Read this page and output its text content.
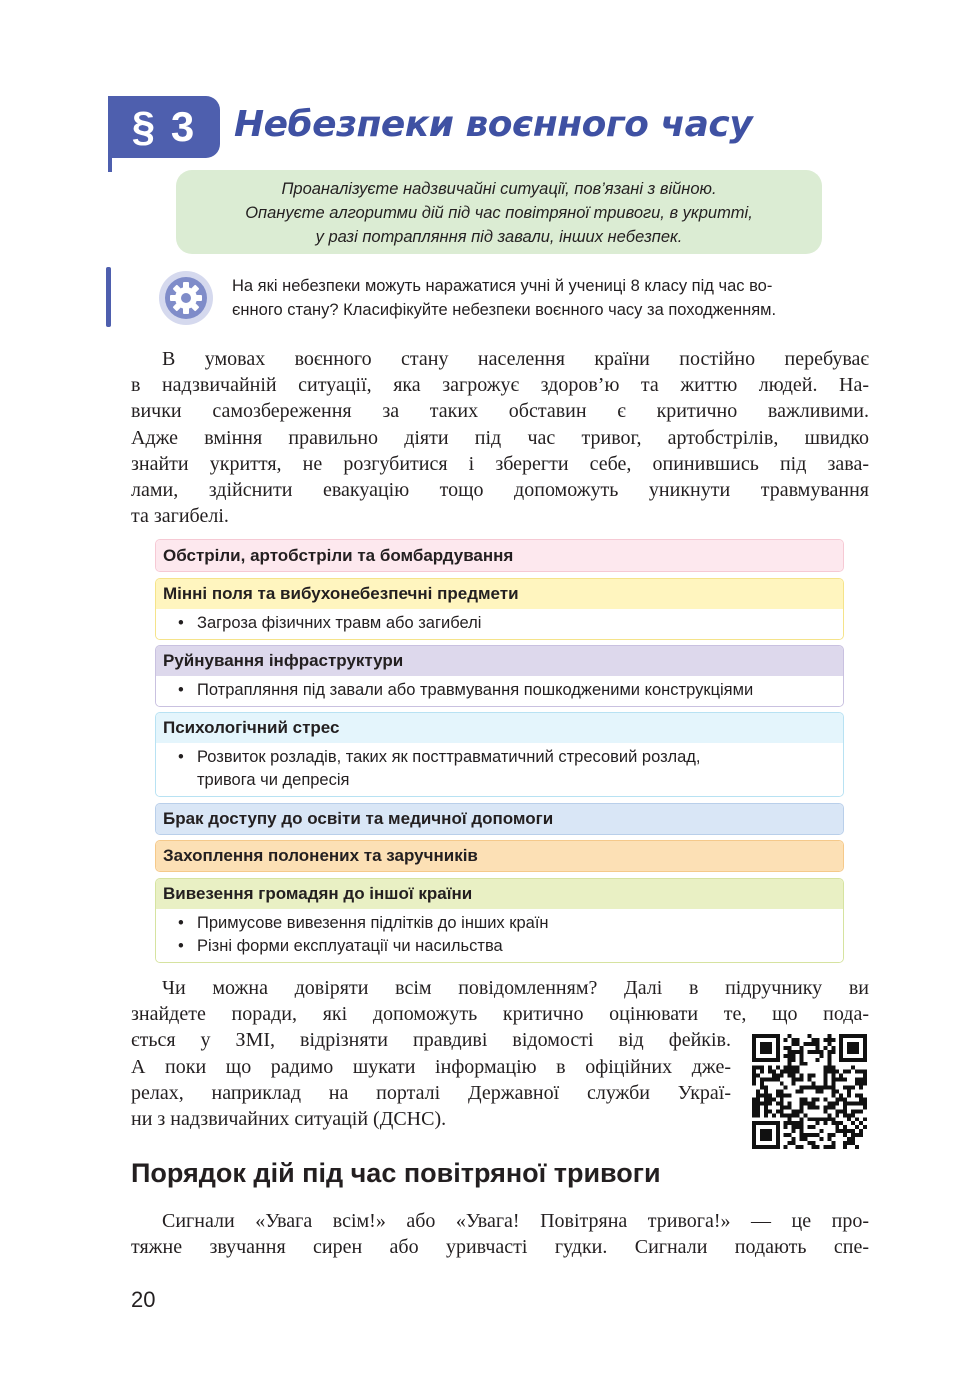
§ 3	Небезпеки воєнного часу
Проаналізуєте надзвичайні ситуації, пов’язані з війною.
Опануєте алгоритми дій під час повітряної тривоги, в укритті,
у разі потрапляння під завали, інших небезпек.
На які небезпеки можуть наражатися учні й учениці 8 класу під час во-
єнного стану? Класифікуйте небезпеки воєнного часу за походженням.
В умовах воєнного стану населення країни постійно перебуває
в надзвичайній ситуації, яка загрожує здоров’ю та життю людей. На-
вички самозбереження за таких обставин є критично важливими.
Адже вміння правильно діяти під час тривог, артобстрілів, швидко
знайти укриття, не розгубитися і зберегти себе, опинившись під зава-
лами, здійснити евакуацію тощо допоможуть уникнути травмування
та загибелі.
Обстріли, артобстріли та бомбардування
Мінні поля та вибухонебезпечні предмети
• Загроза фізичних травм або загибелі
Руйнування інфраструктури
• Потрапляння під завали або травмування пошкодженими конструкціями
Психологічний стрес
• Розвиток розладів, таких як посттравматичний стресовий розлад,
тривога чи депресія
Брак доступу до освіти та медичної допомоги
Захоплення полонених та заручників
Вивезення громадян до іншої країни
• Примусове вивезення підлітків до інших країн
• Різні форми експлуатації чи насильства
Чи можна довіряти всім повідомленням? Далі в підручнику ви
знайдете поради, які допоможуть критично оцінювати те, що пода-
ється у ЗМІ, відрізняти правдиві відомості від фейків.
А поки що радимо шукати інформацію в офіційних дже-
релах, наприклад на порталі Державної служби Украї-
ни з надзвичайних ситуацій (ДСНС).
Порядок дій під час повітряної тривоги
Сигнали «Увага всім!» або «Увага! Повітряна тривога!» — це про-
тяжне звучання сирен або уривчасті гудки. Сигнали подають спе-
20
